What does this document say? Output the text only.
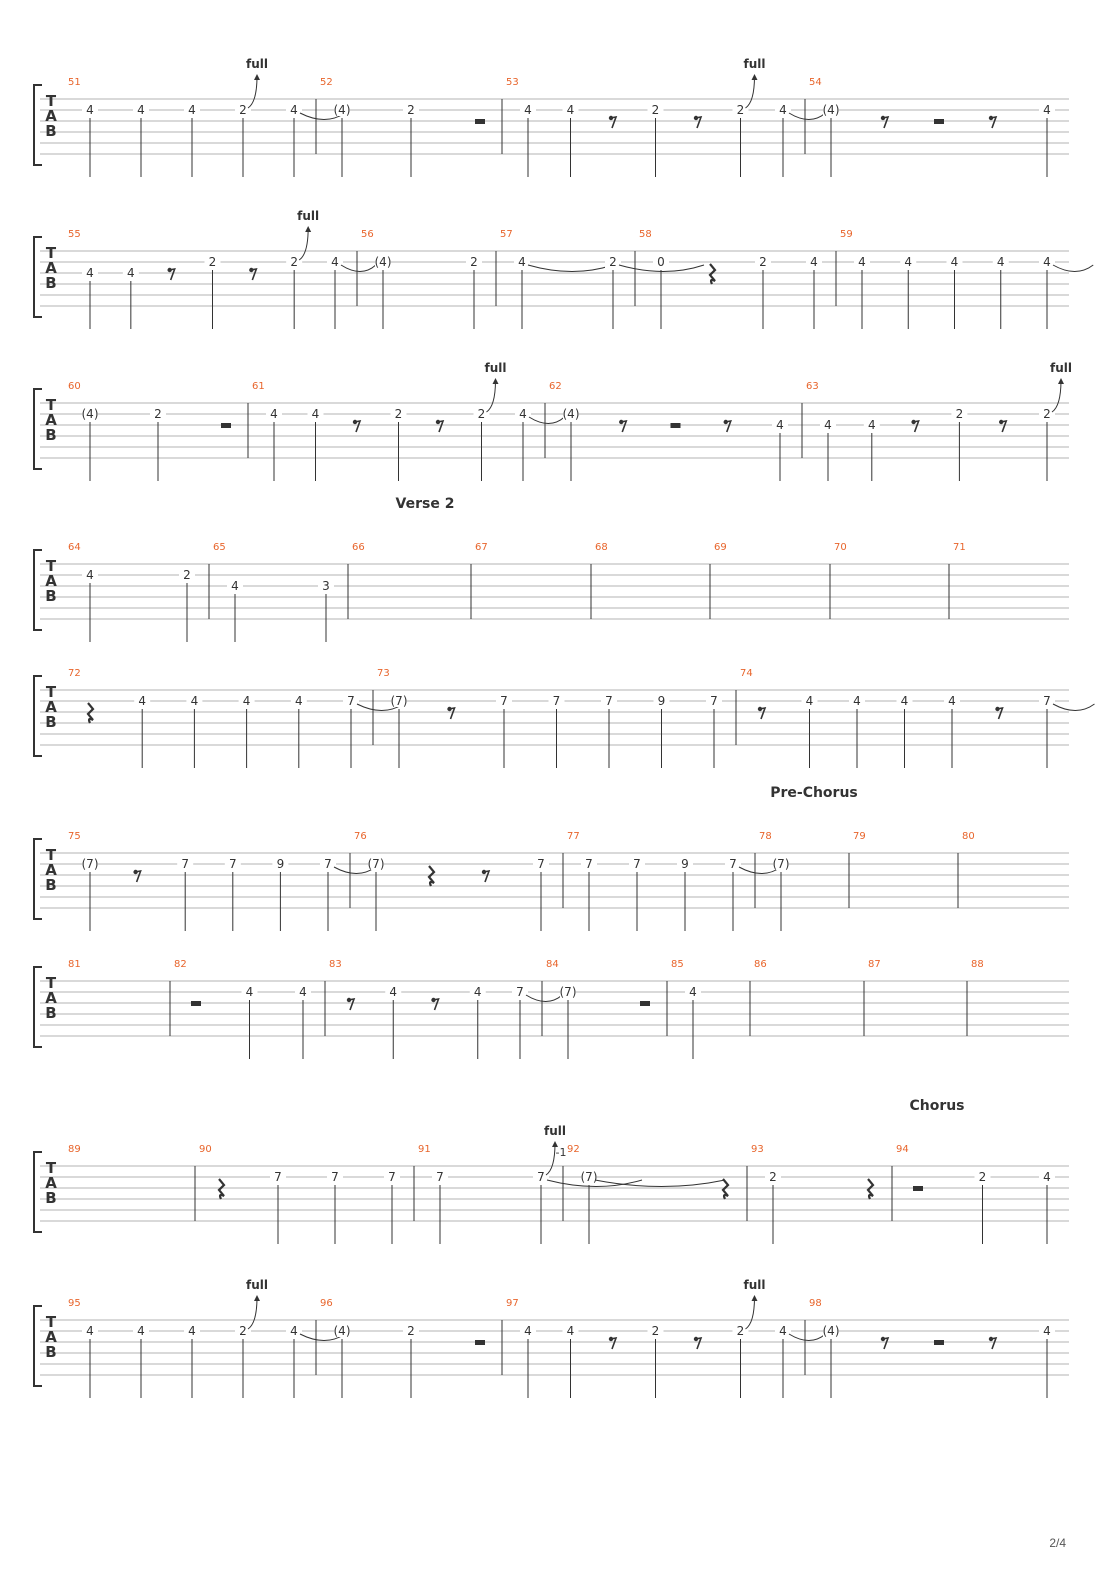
T
A
B
51
4	4	4	2
full
4
52
(4)	2
53
4	4	2	2
full
4
54
(4)	4
T
A
B
55
4	4
2	2
full
4
56
(4)	2
57
4	2
58
0	2	4
59
4	4	4	4	4
T
A
B
60
(4)	2
61
4	4	2	2
full
4
62
(4)
4
63
4	4
2	2
full
T
A
B
Verse 2
64
4	2
65
4	3
66	67	68	69	70	71
T
A
B
72
4	4	4	4	7
73
(7)	7	7	7	9	7
74
4	4	4	4	7
T
A
B
Pre-Chorus
75
(7)	7	7	9	7
76
(7)	7
77
7	7	9	7
78
(7)
79	80
T
A
B
81	82
4	4
83
4	4	7
84
(7)
85
4
86	87	88
T
A
B
Chorus
89	90
7	7	7
91
7	7
full
-1 92
(7)
93
2
94
2	4
T
A
B
95
4	4	4	2
full
4
96
(4)	2
97
4	4	2	2
full
4
98
(4)	4
2/4
